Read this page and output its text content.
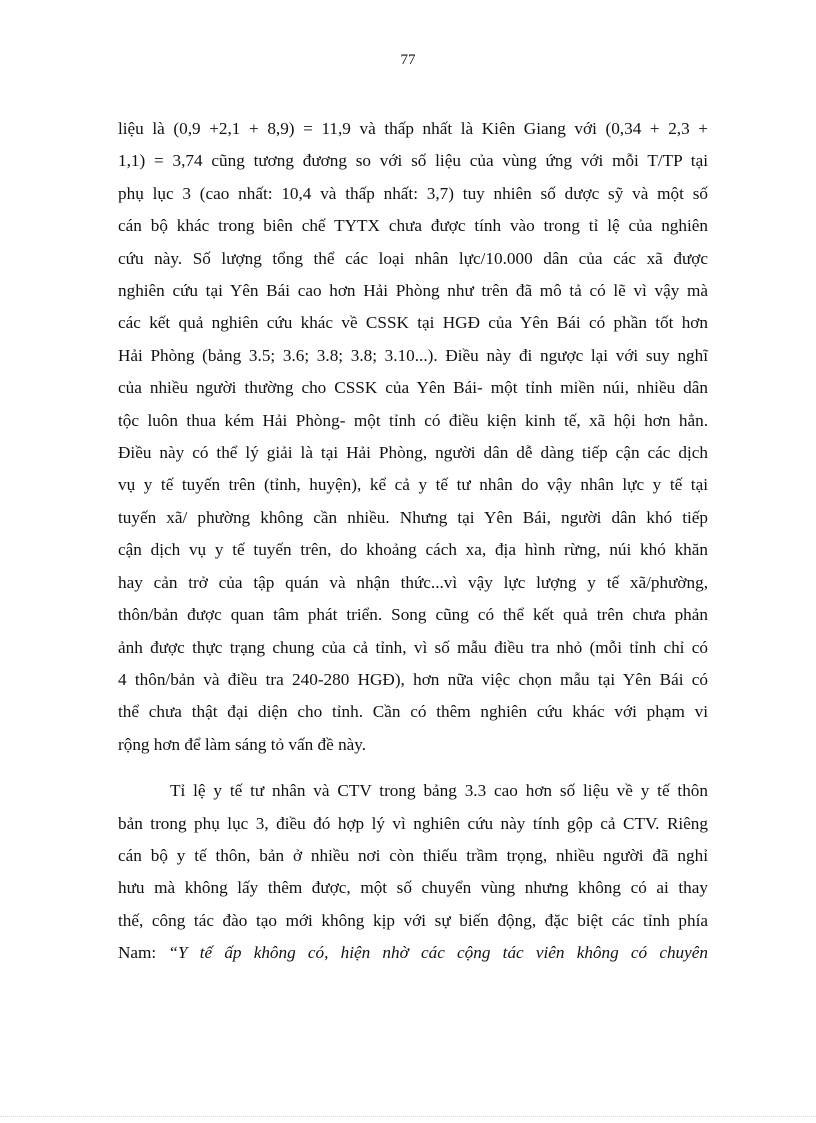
77
liệu là (0,9 +2,1 + 8,9) = 11,9 và thấp nhất là Kiên Giang với (0,34 + 2,3 +
1,1) = 3,74 cũng tương đương so với số liệu của vùng ứng với mỗi T/TP tại
phụ lục 3 (cao nhất: 10,4 và thấp nhất: 3,7) tuy nhiên số dược sỹ và một số
cán bộ khác trong biên chế TYTX chưa được tính vào trong tỉ lệ của nghiên
cứu này. Số lượng tổng thể các loại nhân lực/10.000 dân của các xã được
nghiên cứu tại Yên Bái cao hơn Hải Phòng như trên đã mô tả có lẽ vì vậy mà
các kết quả nghiên cứu khác về CSSK tại HGĐ của Yên Bái có phần tốt hơn
Hải Phòng (bảng 3.5; 3.6; 3.8; 3.8; 3.10...). Điều này đi ngược lại với suy nghĩ
của nhiều người thường cho CSSK của Yên Bái- một tỉnh miền núi, nhiều dân
tộc luôn thua kém Hải Phòng- một tỉnh có điều kiện kinh tế, xã hội hơn hẳn.
Điều này có thể lý giải là tại Hải Phòng, người dân dễ dàng tiếp cận các dịch
vụ y tế tuyến trên (tỉnh, huyện), kể cả y tế tư nhân do vậy nhân lực y tế tại
tuyến xã/ phường không cần nhiều. Nhưng tại Yên Bái, người dân khó tiếp
cận dịch vụ y tế tuyến trên, do khoảng cách xa, địa hình rừng, núi khó khăn
hay cản trở của tập quán và nhận thức...vì vậy lực lượng y tế xã/phường,
thôn/bản được quan tâm phát triển. Song cũng có thể kết quả trên chưa phản
ảnh được thực trạng chung của cả tỉnh, vì số mẫu điều tra nhỏ (mỗi tỉnh chỉ có
4 thôn/bản và điều tra 240-280 HGĐ), hơn nữa việc chọn mẫu tại Yên Bái có
thể chưa thật đại diện cho tỉnh. Cần có thêm nghiên cứu khác với phạm vi
rộng hơn để làm sáng tỏ vấn đề này.
Tỉ lệ y tế tư nhân và CTV trong bảng 3.3 cao hơn số liệu về y tế thôn
bản trong phụ lục 3, điều đó hợp lý vì nghiên cứu này tính gộp cả CTV. Riêng
cán bộ y tế thôn, bản ở nhiều nơi còn thiếu trầm trọng, nhiều người đã nghỉ
hưu mà không lấy thêm được, một số chuyển vùng nhưng không có ai thay
thế, công tác đào tạo mới không kịp với sự biến động, đặc biệt các tỉnh phía
Nam: “Y tế ấp không có, hiện nhờ các cộng tác viên không có chuyên
